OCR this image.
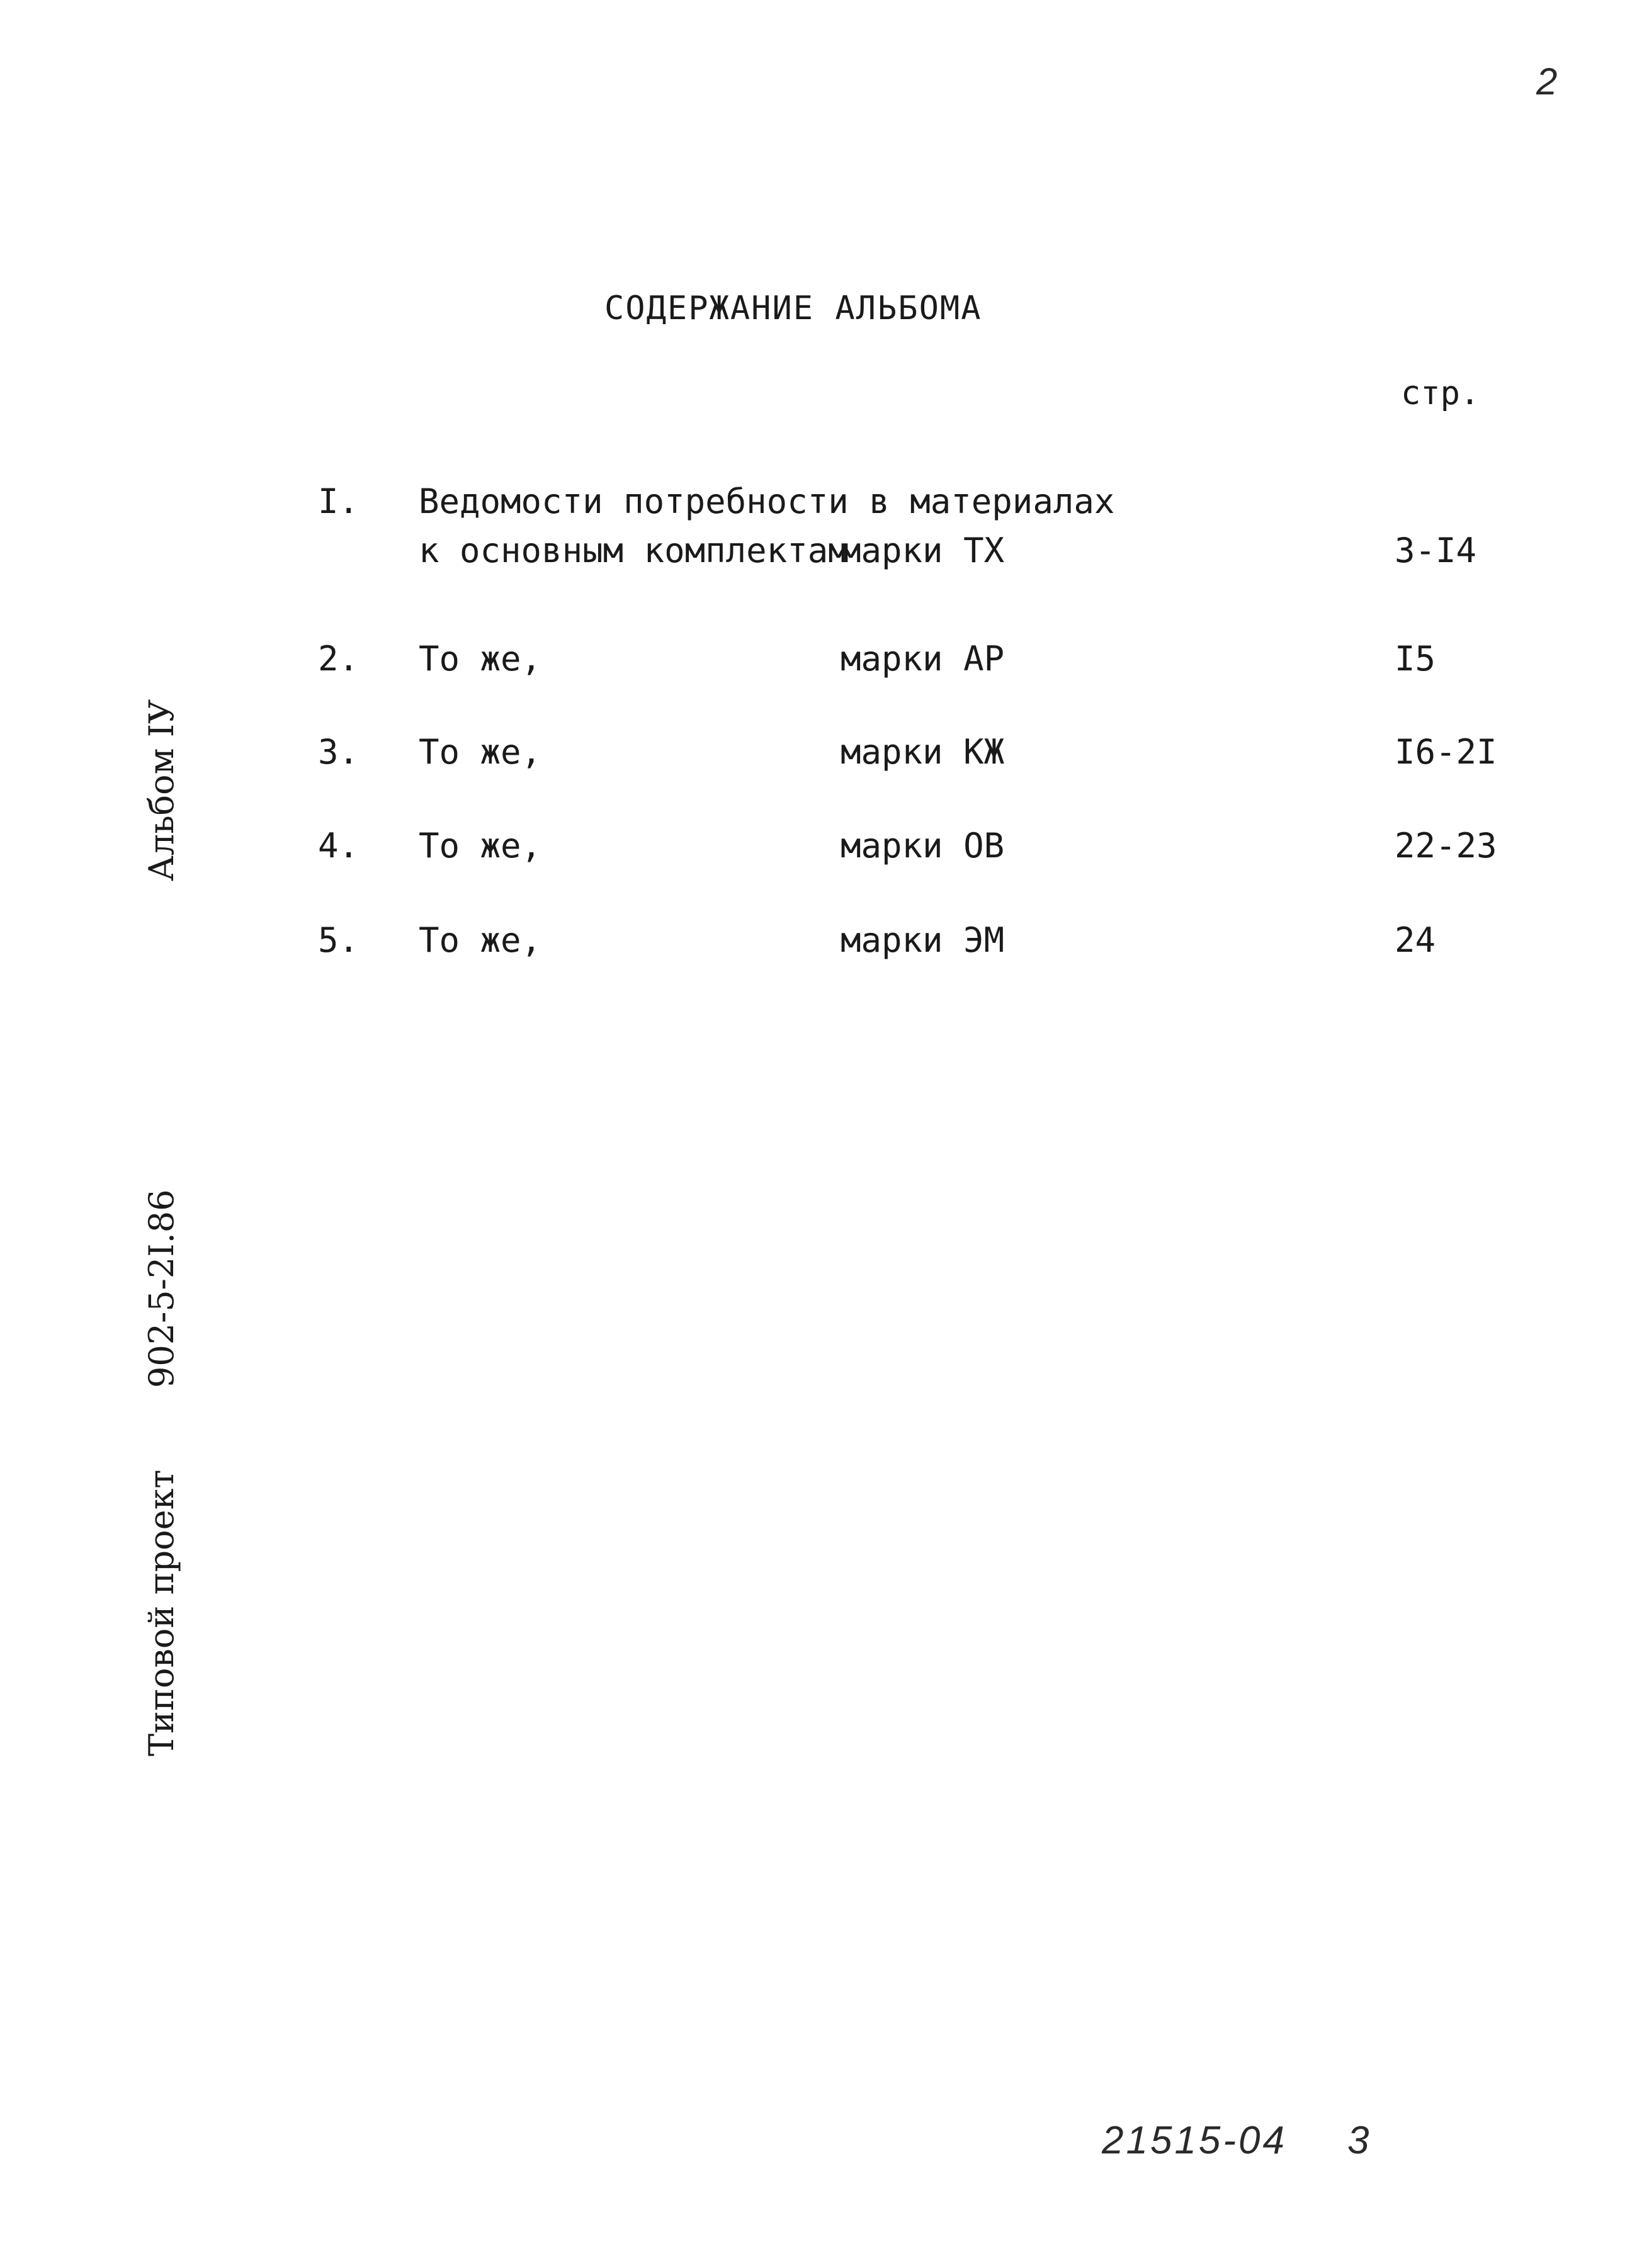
2
СОДЕРЖАНИЕ АЛЬБОМА
стр.
I. Ведомости потребности в материалах
к основным комплектам
марки ТХ	3-I4
2. То же,	марки АР	I5
3. То же,	марки КЖ	I6-2I
4. То же,	марки ОВ	22-23
5. То же,	марки ЭМ	24
Альбом IУ
902-5-2I.86
Типовой проект
21515-04 3
